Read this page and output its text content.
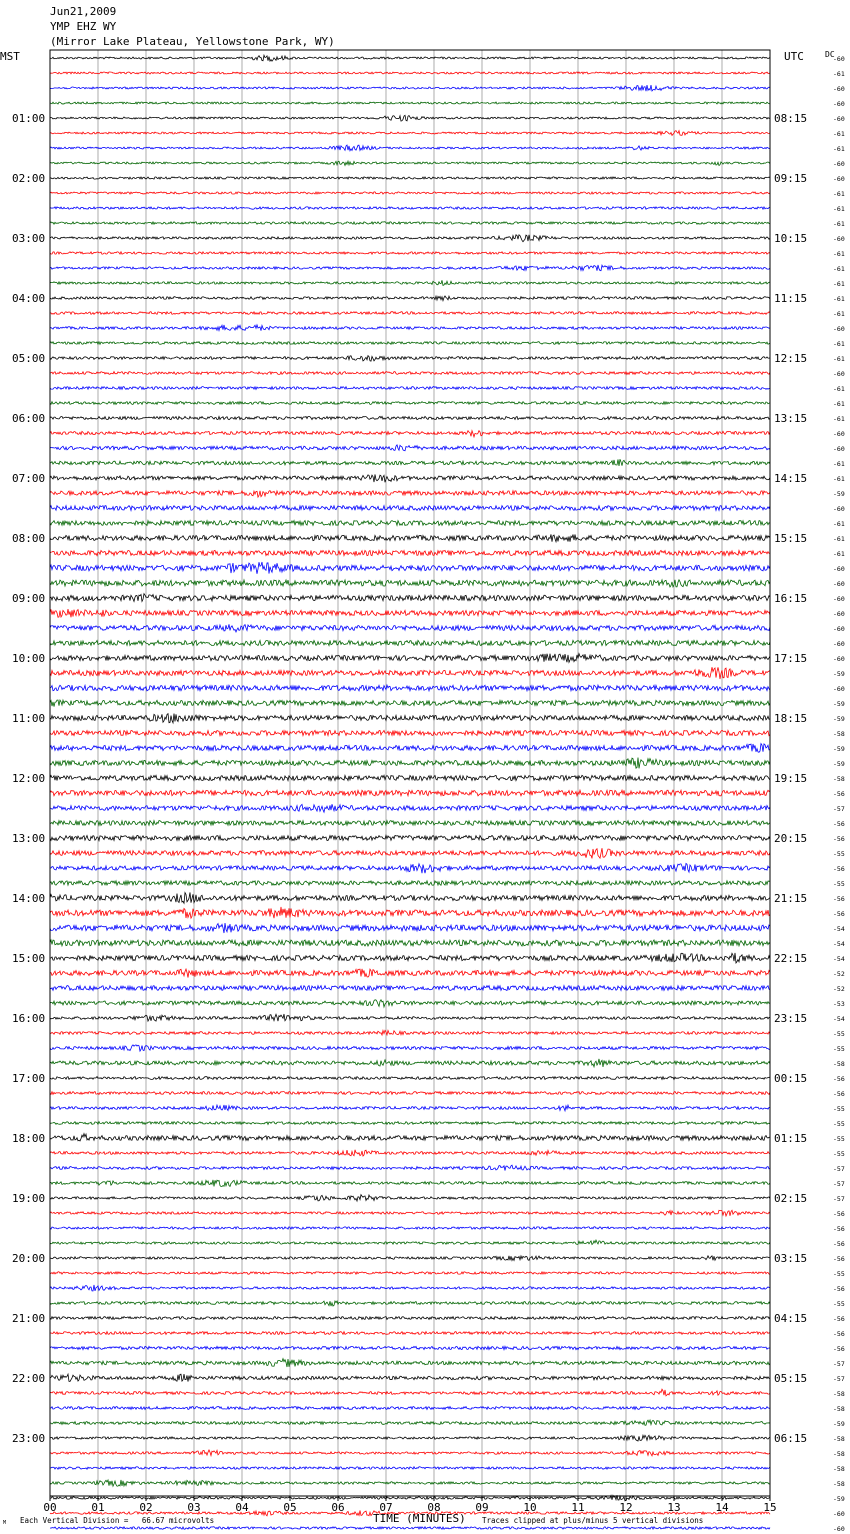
Jun21,2009
YMP EHZ WY
(Mirror Lake Plateau, Yellowstone Park, WY)
00	01	02	03	04	05	06	07	08	09	10	11	12	13	14	15
01:00
02:00
03:00
04:00
05:00
06:00
07:00
08:00
09:00
10:00
11:00
12:00
13:00
14:00
15:00
16:00
17:00
18:00
19:00
20:00
21:00
22:00
23:00
08:15
09:15
10:15
11:15
12:15
13:15
14:15
15:15
16:15
17:15
18:15
19:15
20:15
21:15
22:15
23:15
00:15
01:15
02:15
03:15
04:15
05:15
06:15
-60
-61
-60
-60
-60
-61
-61
-60
-60
-61
-61
-61
-60
-61
-61
-61
-61
-61
-60
-61
-61
-60
-61
-61
-61
-60
-60
-61
-61
-59
-60
-61
-61
-61
-60
-60
-60
-60
-60
-60
-60
-59
-60
-59
-59
-58
-59
-59
-58
-56
-57
-56
-56
-55
-56
-55
-56
-56
-54
-54
-54
-52
-52
-53
-54
-55
-55
-58
-56
-56
-55
-55
-55
-55
-57
-57
-57
-56
-56
-56
-56
-55
-56
-55
-56
-56
-56
-57
-57
-58
-58
-59
-58
-58
-58
-58
-59
-60
-60
MST	UTC	DC
TIME (MINUTES)
Each Vertical Division =   66.67 microvolts	Traces clipped at plus/minus 5 vertical divisions
M
